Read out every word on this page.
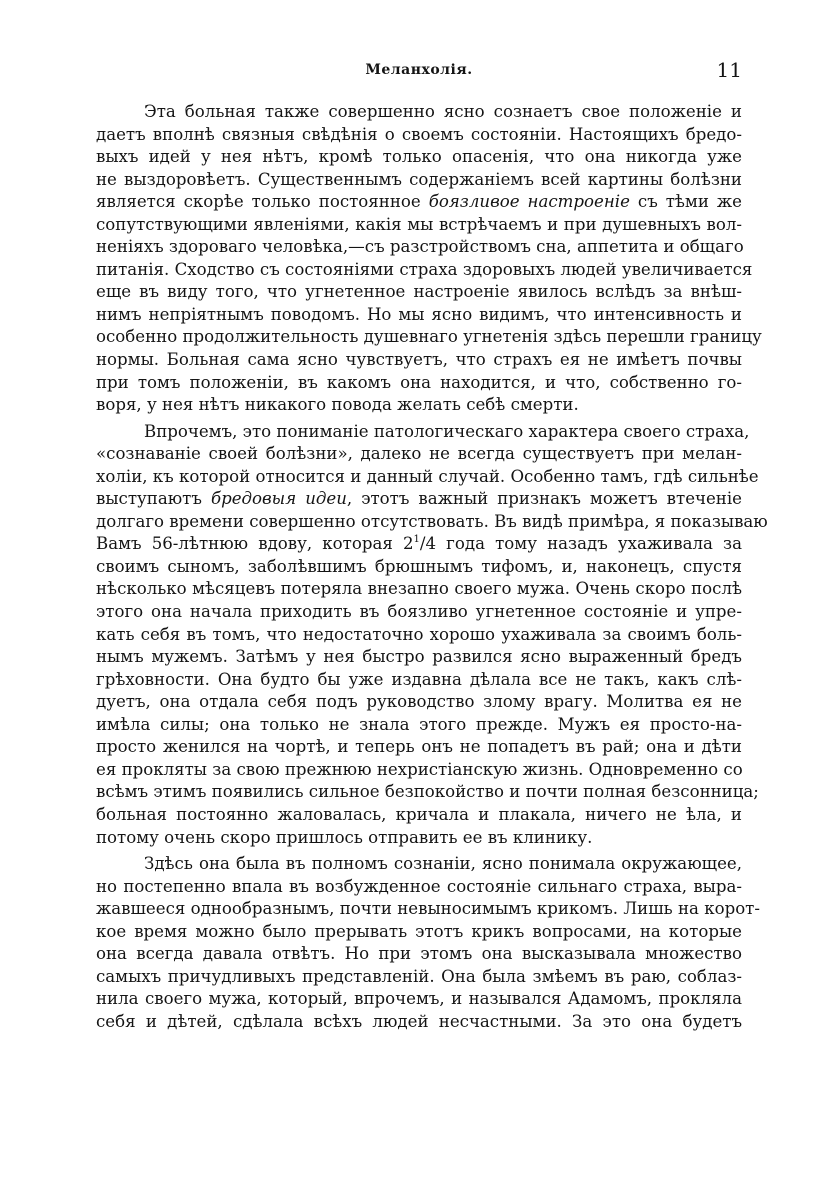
Меланхолія.	11

Эта больная также совершенно ясно сознаетъ свое положеніе и
даетъ вполнѣ связныя свѣдѣнія о своемъ состояніи. Настоящихъ бредо-
выхъ идей у нея нѣтъ, кромѣ только опасенія, что она никогда уже
не выздоровѣетъ. Существеннымъ содержаніемъ всей картины болѣзни
является скорѣе только постоянное боязливое настроеніе съ тѣми же
сопутствующими явленіями, какія мы встрѣчаемъ и при душевныхъ вол-
неніяхъ здороваго человѣка,—съ разстройствомъ сна, аппетита и общаго
питанія. Сходство съ состояніями страха здоровыхъ людей увеличивается
еще въ виду того, что угнетенное настроеніе явилось вслѣдъ за внѣш-
нимъ непріятнымъ поводомъ. Но мы ясно видимъ, что интенсивность и
особенно продолжительность душевнаго угнетенія здѣсь перешли границу
нормы. Больная сама ясно чувствуетъ, что страхъ ея не имѣетъ почвы
при томъ положеніи, въ какомъ она находится, и что, собственно го-
воря, у нея нѣтъ никакого повода желать себѣ смерти.

Впрочемъ, это пониманіе патологическаго характера своего страха,
«сознаваніе своей болѣзни», далеко не всегда существуетъ при мелан-
холіи, къ которой относится и данный случай. Особенно тамъ, гдѣ сильнѣе
выступаютъ бредовыя идеи, этотъ важный признакъ можетъ втеченіе
долгаго времени совершенно отсутствовать. Въ видѣ примѣра, я показываю
Вамъ 56-лѣтнюю вдову, которая $2^1/4$ года тому назадъ ухаживала за
своимъ сыномъ, заболѣвшимъ брюшнымъ тифомъ, и, наконецъ, спустя
нѣсколько мѣсяцевъ потеряла внезапно своего мужа. Очень скоро послѣ
этого она начала приходить въ боязливо угнетенное состояніе и упре-
кать себя въ томъ, что недостаточно хорошо ухаживала за своимъ боль-
нымъ мужемъ. Затѣмъ у нея быстро развился ясно выраженный бредъ
грѣховности. Она будто бы уже издавна дѣлала все не такъ, какъ слѣ-
дуетъ, она отдала себя подъ руководство злому врагу. Молитва ея не
имѣла силы; она только не знала этого прежде. Мужъ ея просто-на-
просто женился на чортѣ, и теперь онъ не попадетъ въ рай; она и дѣти
ея прокляты за свою прежнюю нехристіанскую жизнь. Одновременно со
всѣмъ этимъ появились сильное безпокойство и почти полная безсонница;
больная постоянно жаловалась, кричала и плакала, ничего не ѣла, и
потому очень скоро пришлось отправить ее въ клинику.

Здѣсь она была въ полномъ сознаніи, ясно понимала окружающее,
но постепенно впала въ возбужденное состояніе сильнаго страха, выра-
жавшееся однообразнымъ, почти невыносимымъ крикомъ. Лишь на корот-
кое время можно было прерывать этотъ крикъ вопросами, на которые
она всегда давала отвѣтъ. Но при этомъ она высказывала множество
самыхъ причудливыхъ представленій. Она была змѣемъ въ раю, соблаз-
нила своего мужа, который, впрочемъ, и назывался Адамомъ, прокляла
себя и дѣтей, сдѣлала всѣхъ людей несчастными. За это она будетъ
